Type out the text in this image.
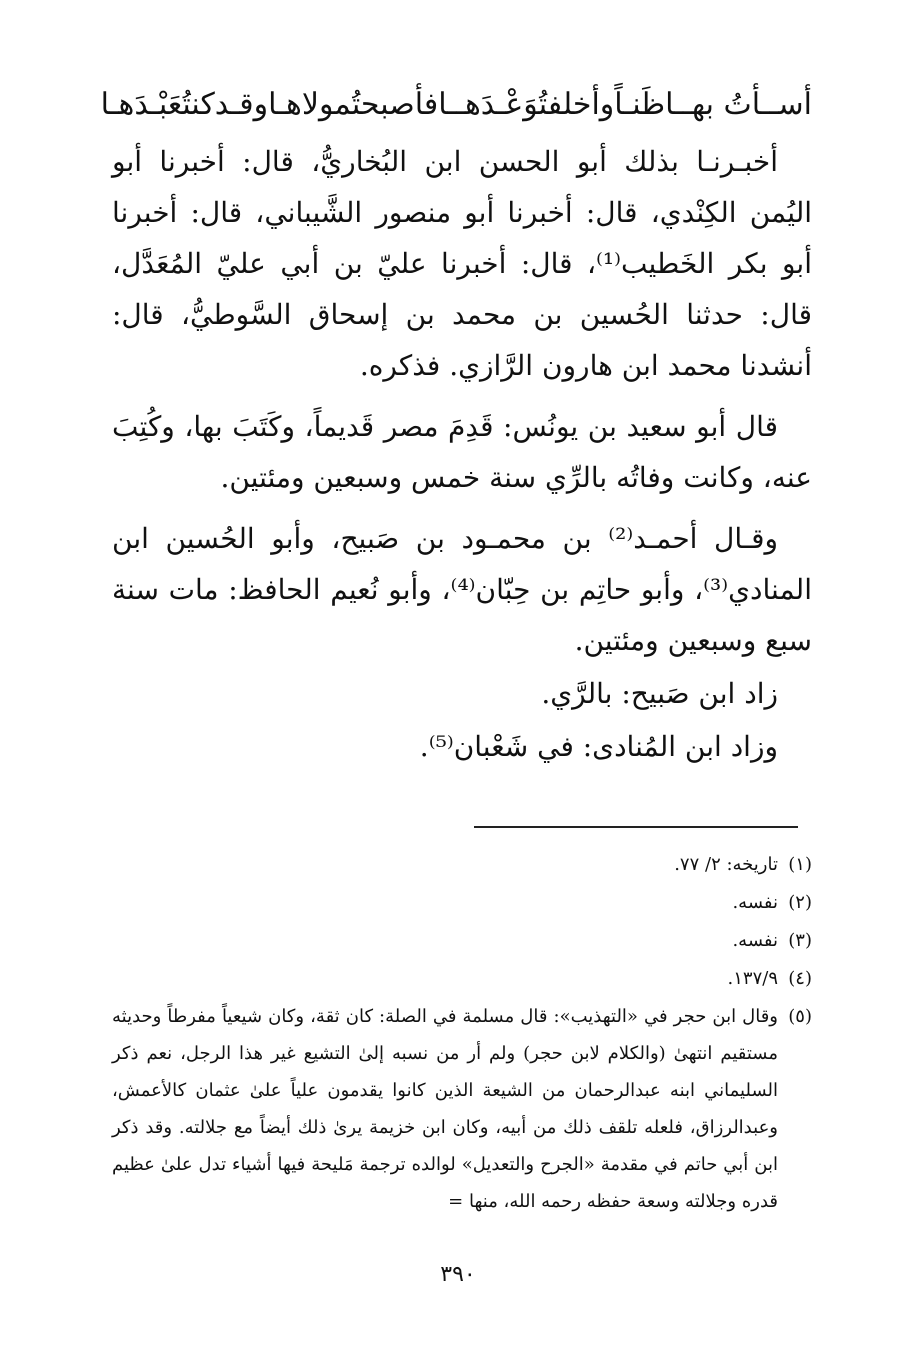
أســأتُ بهــاظَنـاًوأخلفتُوَعْـدَهــا
فأصبحتُمولاهـاوقـدكنتُعَبْـدَهـا

أخبـرنـا بذلك أبو الحسن ابن البُخاريُّ، قال: أخبرنا أبو اليُمن الكِنْدي، قال: أخبرنا أبو منصور الشَّيباني، قال: أخبرنا أبو بكر الخَطيب⁽¹⁾، قال: أخبرنا عليّ بن أبي عليّ المُعَدَّل، قال: حدثنا الحُسين بن محمد بن إسحاق السَّوطيُّ، قال: أنشدنا محمد ابن هارون الرَّازي. فذكره.

قال أبو سعيد بن يونُس: قَدِمَ مصر قَديماً، وكَتَبَ بها، وكُتِبَ عنه، وكانت وفاتُه بالرِّي سنة خمس وسبعين ومئتين.

وقـال أحمـد⁽²⁾ بن محمـود بن صَبيح، وأبو الحُسين ابن المنادي⁽³⁾، وأبو حاتِم بن حِبّان⁽⁴⁾، وأبو نُعيم الحافظ: مات سنة سبع وسبعين ومئتين.

زاد ابن صَبيح: بالرَّي.

وزاد ابن المُنادى: في شَعْبان⁽⁵⁾.

(١)
تاريخه: ٢/ ٧٧.
(٢)
نفسه.
(٣)
نفسه.
(٤)
١٣٧/٩.
(٥)
وقال ابن حجر في «التهذيب»: قال مسلمة في الصلة: كان ثقة، وكان شيعياً مفرطاً وحديثه مستقيم انتهىٰ (والكلام لابن حجر) ولم أر من نسبه إلىٰ التشيع غير هذا الرجل، نعم ذكر السليماني ابنه عبدالرحمان من الشيعة الذين كانوا يقدمون علياً علىٰ عثمان كالأعمش، وعبدالرزاق، فلعله تلقف ذلك من أبيه، وكان ابن خزيمة يرىٰ ذلك أيضاً مع جلالته. وقد ذكر ابن أبي حاتم في مقدمة «الجرح والتعديل» لوالده ترجمة مَليحة فيها أشياء تدل علىٰ عظيم قدره وجلالته وسعة حفظه رحمه الله، منها =
٣٩٠
